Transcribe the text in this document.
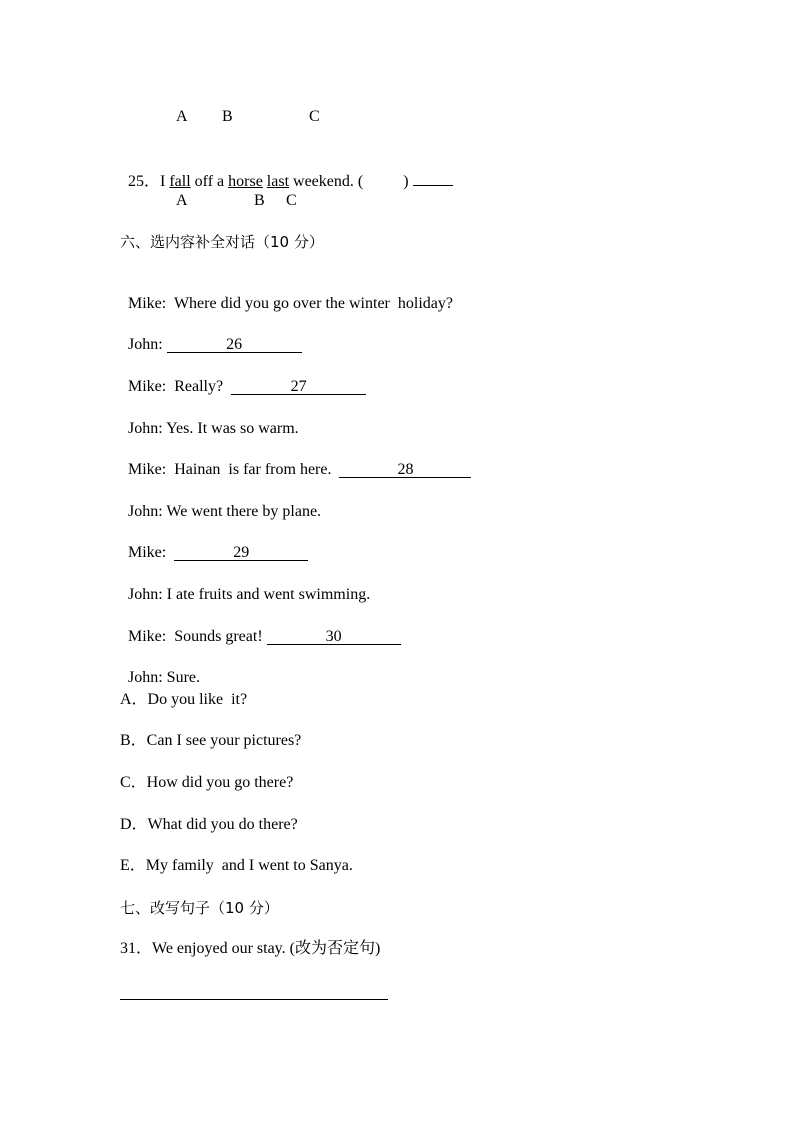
A B	C

25．I fall off a horse last weekend. (          )

A	B C
六、选内容补全对话（10 分）

Mike: Where did you go over the winter  holiday?

John:	26

Mike: Really?	27

John: Yes. It was so warm.

Mike: Hainan  is far from here.	28

John: We went there by plane.

Mike:	29

John: I ate fruits and went swimming.

Mike: Sounds great!	30

John: Sure.

A．Do you like  it?
B．Can I see your pictures?
C．How did you go there?
D．What did you do there?
E．My family  and I went to Sanya.
七、改写句子（10 分）
31．We enjoyed our stay. (改为否定句)
